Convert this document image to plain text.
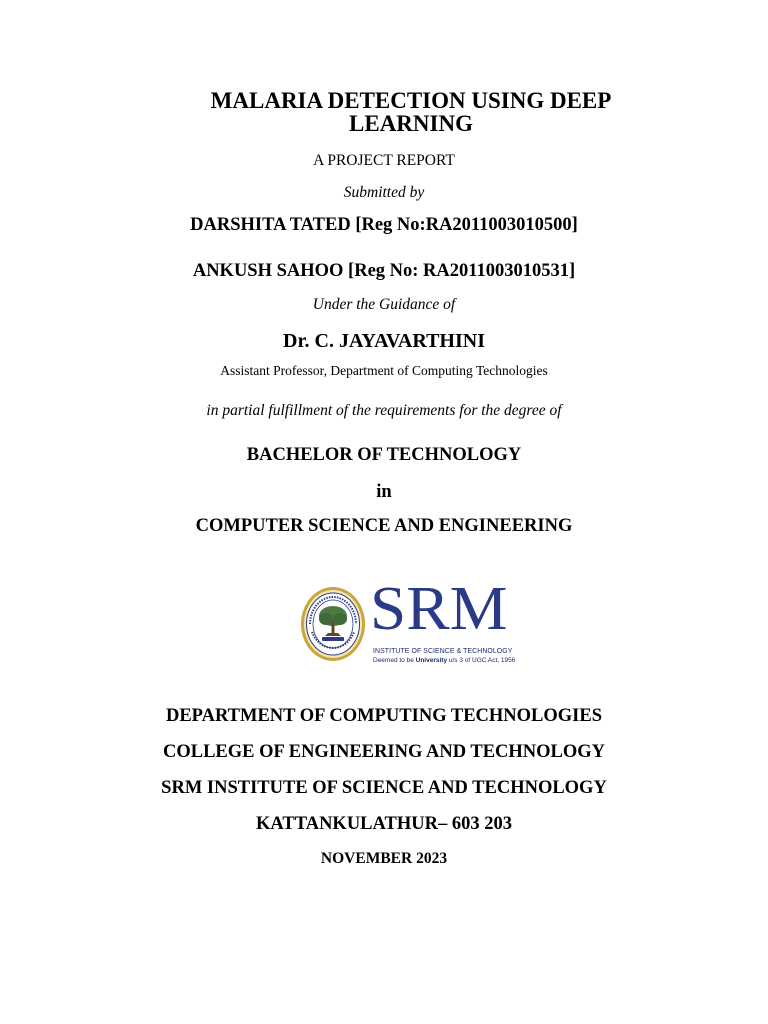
MALARIA DETECTION USING DEEP LEARNING

A PROJECT REPORT

Submitted by

DARSHITA TATED [Reg No:RA2011003010500]

ANKUSH SAHOO [Reg No: RA2011003010531]

Under the Guidance of

Dr. C. JAYAVARTHINI

Assistant Professor, Department of Computing Technologies

in partial fulfillment of the requirements for the degree of

BACHELOR OF TECHNOLOGY

in

COMPUTER SCIENCE AND ENGINEERING

SRM
INSTITUTE OF SCIENCE & TECHNOLOGY
Deemed to be University u/s 3 of UGC Act, 1956

DEPARTMENT OF COMPUTING TECHNOLOGIES

COLLEGE OF ENGINEERING AND TECHNOLOGY

SRM INSTITUTE OF SCIENCE AND TECHNOLOGY

KATTANKULATHUR– 603 203

NOVEMBER 2023
